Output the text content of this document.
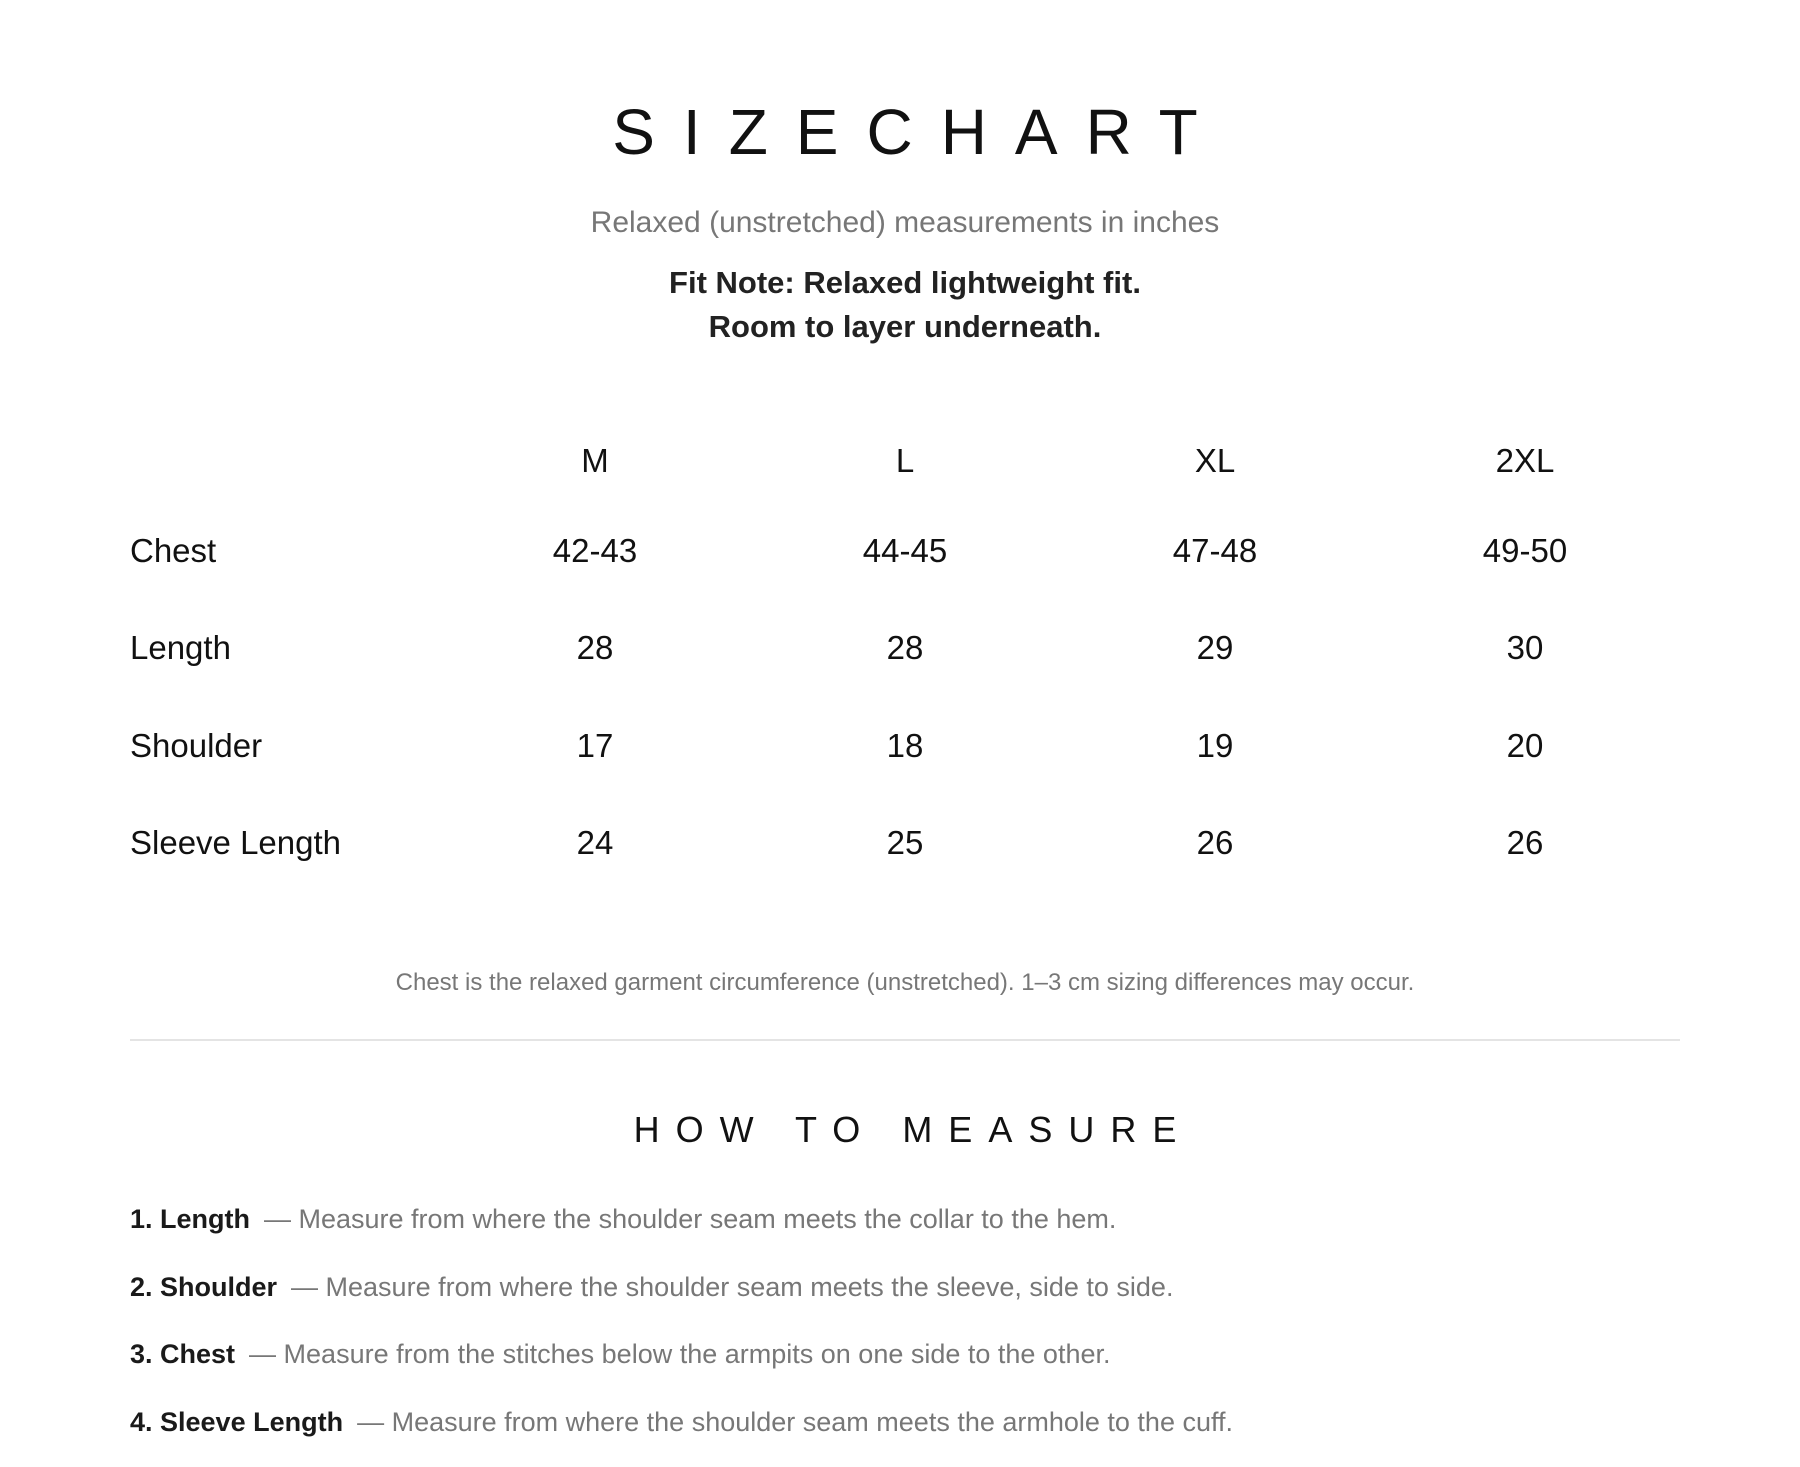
SIZECHART
Relaxed (unstretched) measurements in inches
Fit Note: Relaxed lightweight fit.
Room to layer underneath.
	M	L	XL	2XL
Chest	42-43	44-45	47-48	49-50
Length	28	28	29	30
Shoulder	17	18	19	20
Sleeve Length	24	25	26	26
Chest is the relaxed garment circumference (unstretched). 1–3 cm sizing differences may occur.
HOW TO MEASURE
1. Length — Measure from where the shoulder seam meets the collar to the hem.
2. Shoulder — Measure from where the shoulder seam meets the sleeve, side to side.
3. Chest — Measure from the stitches below the armpits on one side to the other.
4. Sleeve Length — Measure from where the shoulder seam meets the armhole to the cuff.
